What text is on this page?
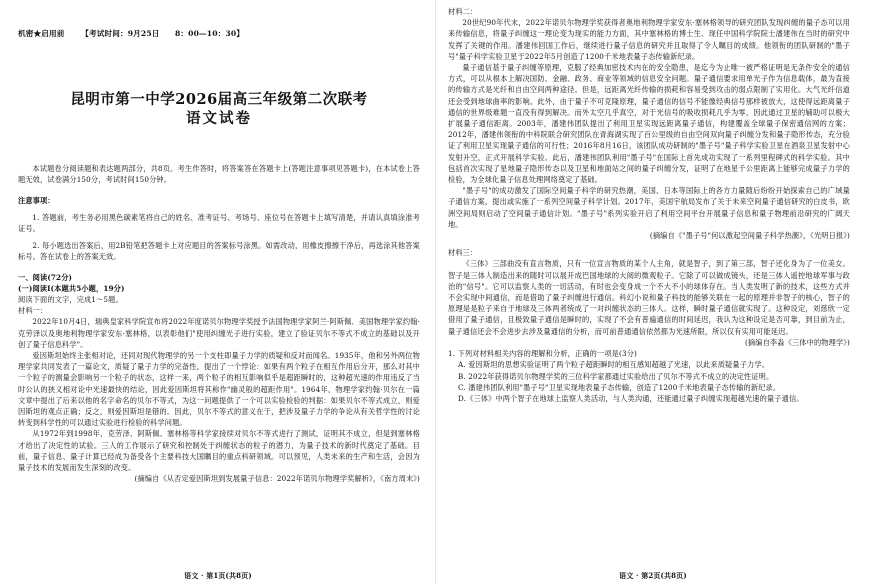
机密★启用前 【考试时间：9月25日　　8：00—10：30】
昆明市第一中学2026届高三年级第二次联考
语文试卷

本试题卷分阅读题和表达题两部分，共8页。考生作答时，将答案答在答题卡上(答题注意事项见答题卡)，在本试卷上答题无效，试卷满分150分，考试时间150分钟。

注意事项：

1. 答题前，考生务必用黑色碳素笔将自己的姓名、准考证号、考场号、座位号在答题卡上填写清楚，并请认真填涂准考证号。

2. 每小题选出答案后，用2B铅笔把答题卡上对应题目的答案标号涂黑。如需改动，用橡皮擦擦干净后，再选涂其他答案标号。答在试卷上的答案无效。

一、阅读(72分)

(一)阅读Ⅰ(本题共5小题，19分)

阅读下面的文字，完成1～5题。

材料一：

2022年10月4日，瑞典皇家科学院宣布将2022年度诺贝尔物理学奖授予法国物理学家阿兰·阿斯佩、美国物理学家约翰·克劳泽以及奥地利物理学家安东·塞林格，以表彰他们"使用纠缠光子进行实验，建立了验证贝尔不等式不成立的基础以及开创了量子信息科学"。

爱因斯坦始终主张相对论，还同对现代物理学的另一个支柱即量子力学的质疑和反对而闻名。1935年，他和另外两位物理学家共同发表了一篇论文，质疑了量子力学的完备性，提出了一个悖论：如果有两个粒子在相互作用后分开，那么对其中一个粒子的测量会影响另一个粒子的状态，这样一来，两个粒子的相互影响似乎是超距瞬时的，这种超光速的作用违反了当时公认的狭义相对论中光速最快的结论，因此爱因斯坦将其称作"幽灵般的超距作用"。1964年，物理学家约翰·贝尔在一篇文章中提出了后来以他的名字命名的贝尔不等式，为这一问题提供了一个可以实验检验的判据：如果贝尔不等式成立，则爱因斯坦的观点正确；反之，则爱因斯坦是错的。因此，贝尔不等式的意义在于，把涉及量子力学的争论从有关哲学性的讨论转变到科学性的可以通过实验进行检验的科学问题。

从1972年到1998年，克劳泽、阿斯佩、塞林格等科学家接续对贝尔不等式进行了测试，证明其不成立，但是到塞林格才给出了决定性的试验。三人的工作展示了研究和控制处于纠缠状态的粒子的潜力，为量子技术的新时代奠定了基础。目前，量子信息、量子计算已经成为备受各个主要科技大国瞩目的重点科研领域。可以预见，人类未来的生产和生活，会因为量子技术的发展而发生深刻的改变。

(摘编自《从否定爱因斯坦到发展量子信息：2022年诺贝尔物理学奖解析》，《南方周末》)

语文 · 第1页(共8页)

材料二：

20世纪90年代末，2022年诺贝尔物理学奖获得者奥地利物理学家安东·塞林格领导的研究团队发现纠缠的量子态可以用来传输信息，将量子纠缠这一理论变为现实的能力方面，其中塞林格的博士生、现任中国科学院院士潘建伟在当时的研究中发挥了关键的作用。潘建伟回国工作后，继续进行量子信息的研究并且取得了令人瞩目的成绩。他领衔的团队研制的"墨子号"量子科学实验卫星于2022年5月创造了1200千米地表量子态传输新纪录。

量子通信基于量子纠缠等原理，克服了经典加密技术内在的安全隐患，是迄今为止唯一被严格证明是无条件安全的通信方式，可以从根本上解决国防、金融、政务、商业等领域的信息安全问题。量子通信要求用单光子作为信息载体，最为直接的传输方式是光纤和自由空间两种途径。但是，远距离光纤传输的损耗和容易受到攻击的弱点限制了实用化。大气光纤信道还会受到地球曲率的影响。此外，由于量子不可克隆原理，量子通信的信号不能像经典信号那样被放大，这使得远距离量子通信的世界级难题一直没有得到解决。而外太空几乎真空，对于光信号的吸收损耗几乎为零，因此通过卫星的辅助可以极大扩展量子通信距离。2003年，潘建伟团队提出了利用卫星实现远距离量子通信，构建覆盖全球量子保密通信网的方案；2012年，潘建伟领衔的中科院联合研究团队在青海湖实现了百公里级的自由空间双向量子纠缠分发和量子隐形传态，充分验证了利用卫星实现量子通信的可行性；2016年8月16日，该团队成功研制的"墨子号"量子科学实验卫星在酒泉卫星发射中心发射升空，正式开展科学实验。此后，潘建伟团队利用"墨子号"在国际上首先成功实现了一系列里程碑式的科学实验。其中包括首次实现了星地量子隐形传态以及卫星和地面站之间的量子纠缠分发，证明了在地星千公里距离上能够完成量子力学的检验，为全球化量子信息处理网络奠定了基础。

"墨子号"的成功激发了国际空间量子科学的研究热潮，美国、日本等国际上的各方力量随后纷纷开始探索自己的广域量子通信方案，提出或实施了一系列空间量子科学计划。2017年，美国宇航局发布了关于未来空间量子通信研究的白皮书，欧洲空间局则启动了空间量子通信计划。"墨子号"系列实验开启了利用空间平台开展量子信息和量子物理前沿研究的广阔天地。

(摘编自《"墨子号"何以激起空间量子科学热潮》，《光明日报》)

材料三：

《三体》三部曲没有直言物质，只有一位宣言物质的某个人主角，就是智子，到了第三部，智子还化身为了一位美女。智子是三体人制造出来的随时可以展开成巴国地球的大阅的微观粒子。它除了可以做成镜头，还是三体人遥控地球军事与政治的"信号"。它可以监察人类的一切活动，有时也会变身成一个不大不小的球体存在。当人类发明了新的技术，这些方式并不会实现中间通信，而是借助了量子纠缠进行通信。科幻小说和量子科技的能够关联在一起的原理并非智子的核心，智子的原理是是粒子来自于地球及三体两者统成了一对纠缠状态的三体人。这样，瞬时量子通信就实现了。这种设定，刘慈欣一定借用了量子通信，且极致量子通信是瞬时的，实现了不会有普遍通信的时间延迟，我认为这种设定是否可靠，到目前为止，量子通信还会不会进步去涉及量通信的分析，而可前普通通信依然都为光速所限，所以仅有实用可能延迟。

(摘编自李淼《三体中的物理学》)

1. 下列对材料相关内容的理解和分析，正确的一项是(3分)

A. 爱因斯坦的思想实验证明了两个粒子超距瞬时的相互感知超越了光速，以此来质疑量子力学。

B. 2022年获得诺贝尔物理学奖的三位科学家都通过实验给出了贝尔不等式不成立的决定性证明。

C. 潘建伟团队利用"墨子号"卫星实现地表量子态传输，创造了1200千米地表量子态传输的新纪录。

D.《三体》中两个智子在地球上监察人类活动，与人类沟通，还能通过量子纠缠实现超越光速的量子通信。

语文 · 第2页(共8页)
